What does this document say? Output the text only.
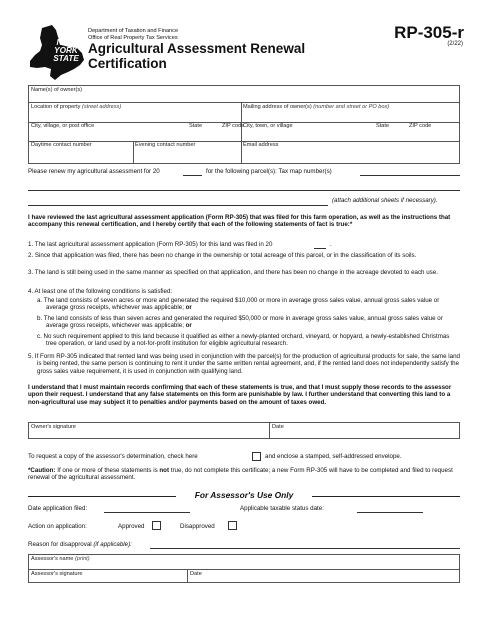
NEW YORK STATE
Department of Taxation and Finance
Office of Real Property Tax Services
Agricultural Assessment Renewal
Certification
RP-305-r
(2/22)
Name(s) of owner(s)
Location of property (street address)	Mailing address of owner(s) (number and street or PO box)
City, village, or post office	State	ZIP code
City, town, or village	State	ZIP code
Daytime contact number	Evening contact number	Email address
Please renew my agricultural assessment for 20	for the following parcel(s): Tax map number(s)
(attach additional sheets if necessary).
I have reviewed the last agricultural assessment application (Form RP-305) that was filed for this farm operation, as well as the instructions that accompany this renewal certification, and I hereby certify that each of the following statements of fact is true:*
1. The last agricultural assessment application (Form RP-305) for this land was filed in 20	.
2. Since that application was filed, there has been no change in the ownership or total acreage of this parcel, or in the classification of its soils.
3. The land is still being used in the same manner as specified on that application, and there has been no change in the acreage devoted to each use.
4. At least one of the following conditions is satisfied:
a. The land consists of seven acres or more and generated the required $10,000 or more in average gross sales value, annual gross sales value or average gross receipts, whichever was applicable; or
b. The land consists of less than seven acres and generated the required $50,000 or more in average gross sales value, annual gross sales value or average gross receipts, whichever was applicable; or
c. No such requirement applied to this land because it qualified as either a newly-planted orchard, vineyard, or hopyard, a newly-established Christmas tree operation, or land used by a not-for-profit institution for eligible agricultural research.
5. If Form RP-305 indicated that rented land was being used in conjunction with the parcel(s) for the production of agricultural products for sale, the same land is being rented, the same person is continuing to rent it under the same written rental agreement, and, if the rented land does not independently satisfy the gross sales value requirement, it is used in conjunction with qualifying land.
I understand that I must maintain records confirming that each of these statements is true, and that I must supply those records to the assessor upon their request. I understand that any false statements on this form are punishable by law. I further understand that converting this land to a non-agricultural use may subject it to penalties and/or payments based on the amount of taxes owed.
Owner's signature	Date
To request a copy of the assessor's determination, check here	and enclose a stamped, self-addressed envelope.
*Caution: If one or more of these statements is not true, do not complete this certificate; a new Form RP-305 will have to be completed and filed to request renewal of the agricultural assessment.
For Assessor's Use Only
Date application filed:	Applicable taxable status date:
Action on application:	Approved	Disapproved
Reason for disapproval (if applicable):
Assessor's name (print)
Assessor's signature	Date
